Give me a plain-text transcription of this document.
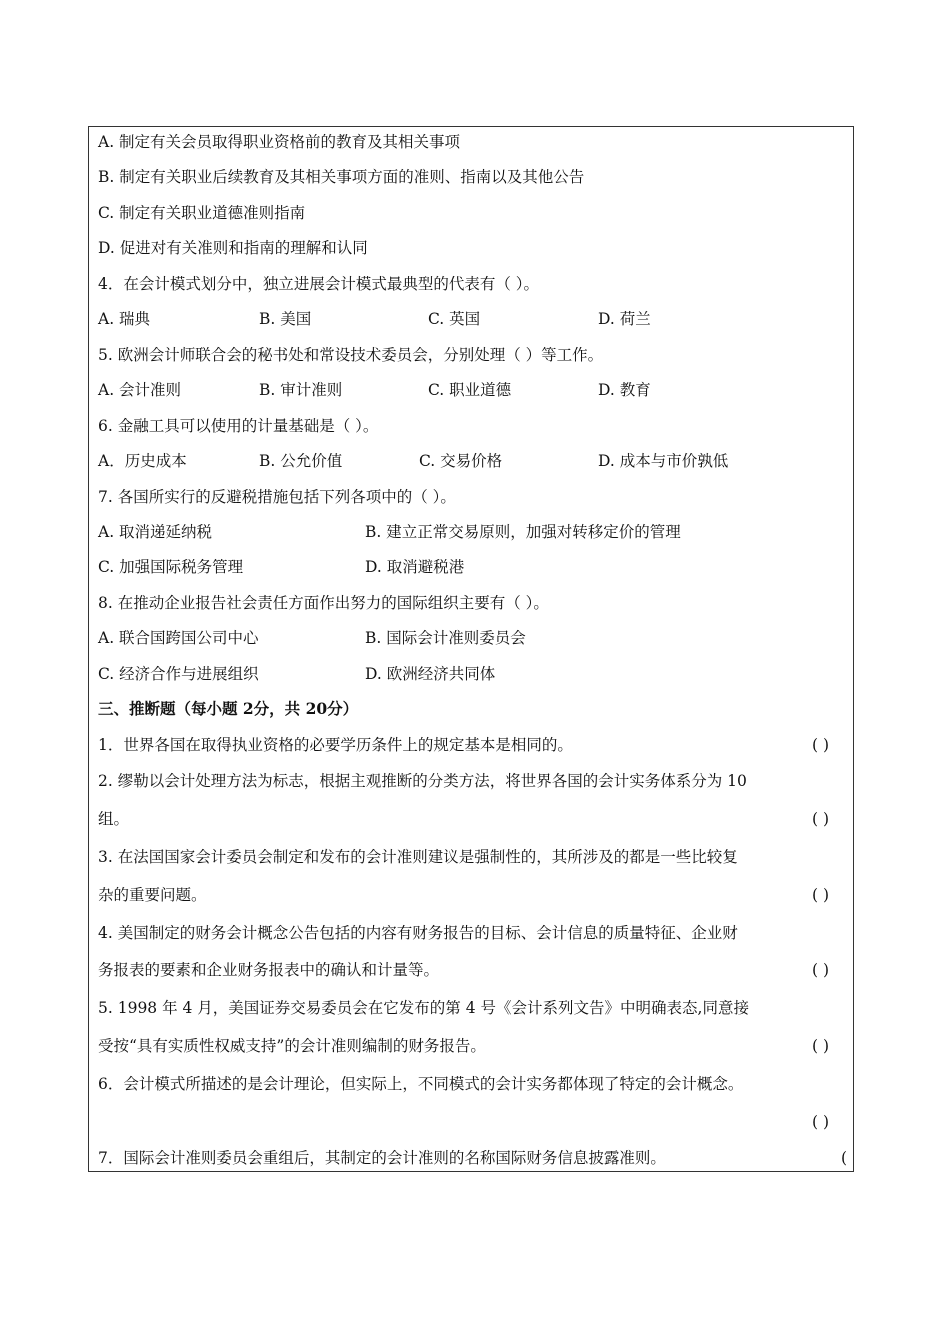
A. 制定有关会员取得职业资格前的教育及其相关事项
B. 制定有关职业后续教育及其相关事项方面的准则、指南以及其他公告
C. 制定有关职业道德准则指南
D. 促进对有关准则和指南的理解和认同
4．在会计模式划分中，独立进展会计模式最典型的代表有（ ）。
A. 瑞典	B. 美国	C. 英国	D. 荷兰
5. 欧洲会计师联合会的秘书处和常设技术委员会，分别处理（ ）等工作。
A. 会计准则	B. 审计准则	C. 职业道德	D. 教育
6. 金融工具可以使用的计量基础是（ ）。
A．历史成本	B. 公允价值	C. 交易价格	D. 成本与市价孰低
7. 各国所实行的反避税措施包括下列各项中的（ ）。
A. 取消递延纳税	B. 建立正常交易原则，加强对转移定价的管理
C. 加强国际税务管理	D. 取消避税港
8. 在推动企业报告社会责任方面作出努力的国际组织主要有（ ）。
A. 联合国跨国公司中心	B. 国际会计准则委员会
C. 经济合作与进展组织	D. 欧洲经济共同体
三、推断题（每小题 2分，共 20分）
1．世界各国在取得执业资格的必要学历条件上的规定基本是相同的。	( )
2. 缪勒以会计处理方法为标志，根据主观推断的分类方法，将世界各国的会计实务体系分为 10
组。	( )
3. 在法国国家会计委员会制定和发布的会计准则建议是强制性的，其所涉及的都是一些比较复
杂的重要问题。	( )
4. 美国制定的财务会计概念公告包括的内容有财务报告的目标、会计信息的质量特征、企业财
务报表的要素和企业财务报表中的确认和计量等。	( )
5. 1998 年 4 月，美国证券交易委员会在它发布的第 4 号《会计系列文告》中明确表态,同意接
受按“具有实质性权威支持”的会计准则编制的财务报告。	( )
6．会计模式所描述的是会计理论，但实际上，不同模式的会计实务都体现了特定的会计概念。
( )
7．国际会计准则委员会重组后，其制定的会计准则的名称国际财务信息披露准则。	(
